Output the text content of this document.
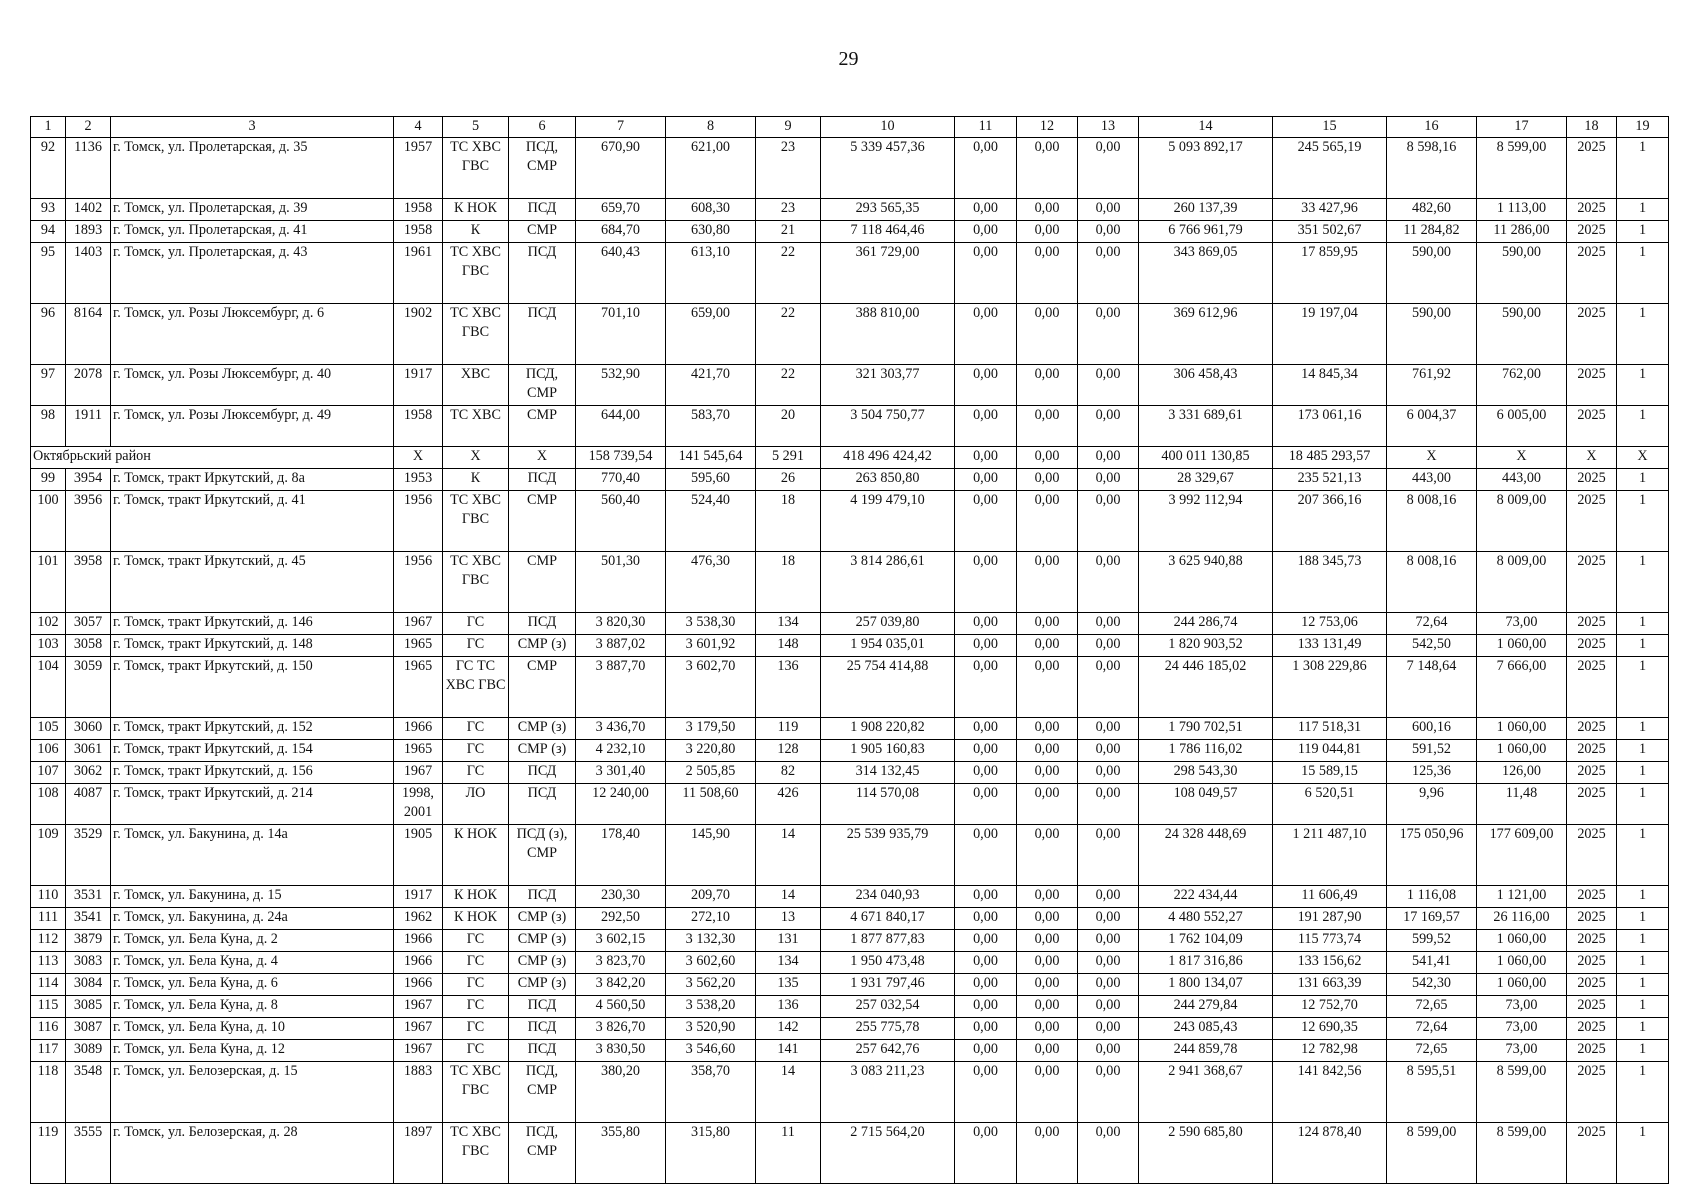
29
1	2	3	4	5	6	7	8	9	10	11	12	13	14	15	16	17	18	19
92	1136	г. Томск, ул. Пролетарская, д. 35	1957	ТС ХВС ГВС	ПСД, СМР	670,90	621,00	23	5 339 457,36	0,00	0,00	0,00	5 093 892,17	245 565,19	8 598,16	8 599,00	2025	1
93	1402	г. Томск, ул. Пролетарская, д. 39	1958	К НОК	ПСД	659,70	608,30	23	293 565,35	0,00	0,00	0,00	260 137,39	33 427,96	482,60	1 113,00	2025	1
94	1893	г. Томск, ул. Пролетарская, д. 41	1958	К	СМР	684,70	630,80	21	7 118 464,46	0,00	0,00	0,00	6 766 961,79	351 502,67	11 284,82	11 286,00	2025	1
95	1403	г. Томск, ул. Пролетарская, д. 43	1961	ТС ХВС ГВС	ПСД	640,43	613,10	22	361 729,00	0,00	0,00	0,00	343 869,05	17 859,95	590,00	590,00	2025	1
96	8164	г. Томск, ул. Розы Люксембург, д. 6	1902	ТС ХВС ГВС	ПСД	701,10	659,00	22	388 810,00	0,00	0,00	0,00	369 612,96	19 197,04	590,00	590,00	2025	1
97	2078	г. Томск, ул. Розы Люксембург, д. 40	1917	ХВС	ПСД, СМР	532,90	421,70	22	321 303,77	0,00	0,00	0,00	306 458,43	14 845,34	761,92	762,00	2025	1
98	1911	г. Томск, ул. Розы Люксембург, д. 49	1958	ТС ХВС	СМР	644,00	583,70	20	3 504 750,77	0,00	0,00	0,00	3 331 689,61	173 061,16	6 004,37	6 005,00	2025	1
Октябрьский район			Х	Х	Х	158 739,54	141 545,64	5 291	418 496 424,42	0,00	0,00	0,00	400 011 130,85	18 485 293,57	Х	Х	Х	Х
99	3954	г. Томск, тракт Иркутский, д. 8а	1953	К	ПСД	770,40	595,60	26	263 850,80	0,00	0,00	0,00	28 329,67	235 521,13	443,00	443,00	2025	1
100	3956	г. Томск, тракт Иркутский, д. 41	1956	ТС ХВС ГВС	СМР	560,40	524,40	18	4 199 479,10	0,00	0,00	0,00	3 992 112,94	207 366,16	8 008,16	8 009,00	2025	1
101	3958	г. Томск, тракт Иркутский, д. 45	1956	ТС ХВС ГВС	СМР	501,30	476,30	18	3 814 286,61	0,00	0,00	0,00	3 625 940,88	188 345,73	8 008,16	8 009,00	2025	1
102	3057	г. Томск, тракт Иркутский, д. 146	1967	ГС	ПСД	3 820,30	3 538,30	134	257 039,80	0,00	0,00	0,00	244 286,74	12 753,06	72,64	73,00	2025	1
103	3058	г. Томск, тракт Иркутский, д. 148	1965	ГС	СМР (з)	3 887,02	3 601,92	148	1 954 035,01	0,00	0,00	0,00	1 820 903,52	133 131,49	542,50	1 060,00	2025	1
104	3059	г. Томск, тракт Иркутский, д. 150	1965	ГС ТС ХВС ГВС	СМР	3 887,70	3 602,70	136	25 754 414,88	0,00	0,00	0,00	24 446 185,02	1 308 229,86	7 148,64	7 666,00	2025	1
105	3060	г. Томск, тракт Иркутский, д. 152	1966	ГС	СМР (з)	3 436,70	3 179,50	119	1 908 220,82	0,00	0,00	0,00	1 790 702,51	117 518,31	600,16	1 060,00	2025	1
106	3061	г. Томск, тракт Иркутский, д. 154	1965	ГС	СМР (з)	4 232,10	3 220,80	128	1 905 160,83	0,00	0,00	0,00	1 786 116,02	119 044,81	591,52	1 060,00	2025	1
107	3062	г. Томск, тракт Иркутский, д. 156	1967	ГС	ПСД	3 301,40	2 505,85	82	314 132,45	0,00	0,00	0,00	298 543,30	15 589,15	125,36	126,00	2025	1
108	4087	г. Томск, тракт Иркутский, д. 214	1998, 2001	ЛО	ПСД	12 240,00	11 508,60	426	114 570,08	0,00	0,00	0,00	108 049,57	6 520,51	9,96	11,48	2025	1
109	3529	г. Томск, ул. Бакунина, д. 14а	1905	К НОК	ПСД (з), СМР	178,40	145,90	14	25 539 935,79	0,00	0,00	0,00	24 328 448,69	1 211 487,10	175 050,96	177 609,00	2025	1
110	3531	г. Томск, ул. Бакунина, д. 15	1917	К НОК	ПСД	230,30	209,70	14	234 040,93	0,00	0,00	0,00	222 434,44	11 606,49	1 116,08	1 121,00	2025	1
111	3541	г. Томск, ул. Бакунина, д. 24а	1962	К НОК	СМР (з)	292,50	272,10	13	4 671 840,17	0,00	0,00	0,00	4 480 552,27	191 287,90	17 169,57	26 116,00	2025	1
112	3879	г. Томск, ул. Бела Куна, д. 2	1966	ГС	СМР (з)	3 602,15	3 132,30	131	1 877 877,83	0,00	0,00	0,00	1 762 104,09	115 773,74	599,52	1 060,00	2025	1
113	3083	г. Томск, ул. Бела Куна, д. 4	1966	ГС	СМР (з)	3 823,70	3 602,60	134	1 950 473,48	0,00	0,00	0,00	1 817 316,86	133 156,62	541,41	1 060,00	2025	1
114	3084	г. Томск, ул. Бела Куна, д. 6	1966	ГС	СМР (з)	3 842,20	3 562,20	135	1 931 797,46	0,00	0,00	0,00	1 800 134,07	131 663,39	542,30	1 060,00	2025	1
115	3085	г. Томск, ул. Бела Куна, д. 8	1967	ГС	ПСД	4 560,50	3 538,20	136	257 032,54	0,00	0,00	0,00	244 279,84	12 752,70	72,65	73,00	2025	1
116	3087	г. Томск, ул. Бела Куна, д. 10	1967	ГС	ПСД	3 826,70	3 520,90	142	255 775,78	0,00	0,00	0,00	243 085,43	12 690,35	72,64	73,00	2025	1
117	3089	г. Томск, ул. Бела Куна, д. 12	1967	ГС	ПСД	3 830,50	3 546,60	141	257 642,76	0,00	0,00	0,00	244 859,78	12 782,98	72,65	73,00	2025	1
118	3548	г. Томск, ул. Белозерская, д. 15	1883	ТС ХВС ГВС	ПСД, СМР	380,20	358,70	14	3 083 211,23	0,00	0,00	0,00	2 941 368,67	141 842,56	8 595,51	8 599,00	2025	1
119	3555	г. Томск, ул. Белозерская, д. 28	1897	ТС ХВС ГВС	ПСД, СМР	355,80	315,80	11	2 715 564,20	0,00	0,00	0,00	2 590 685,80	124 878,40	8 599,00	8 599,00	2025	1
